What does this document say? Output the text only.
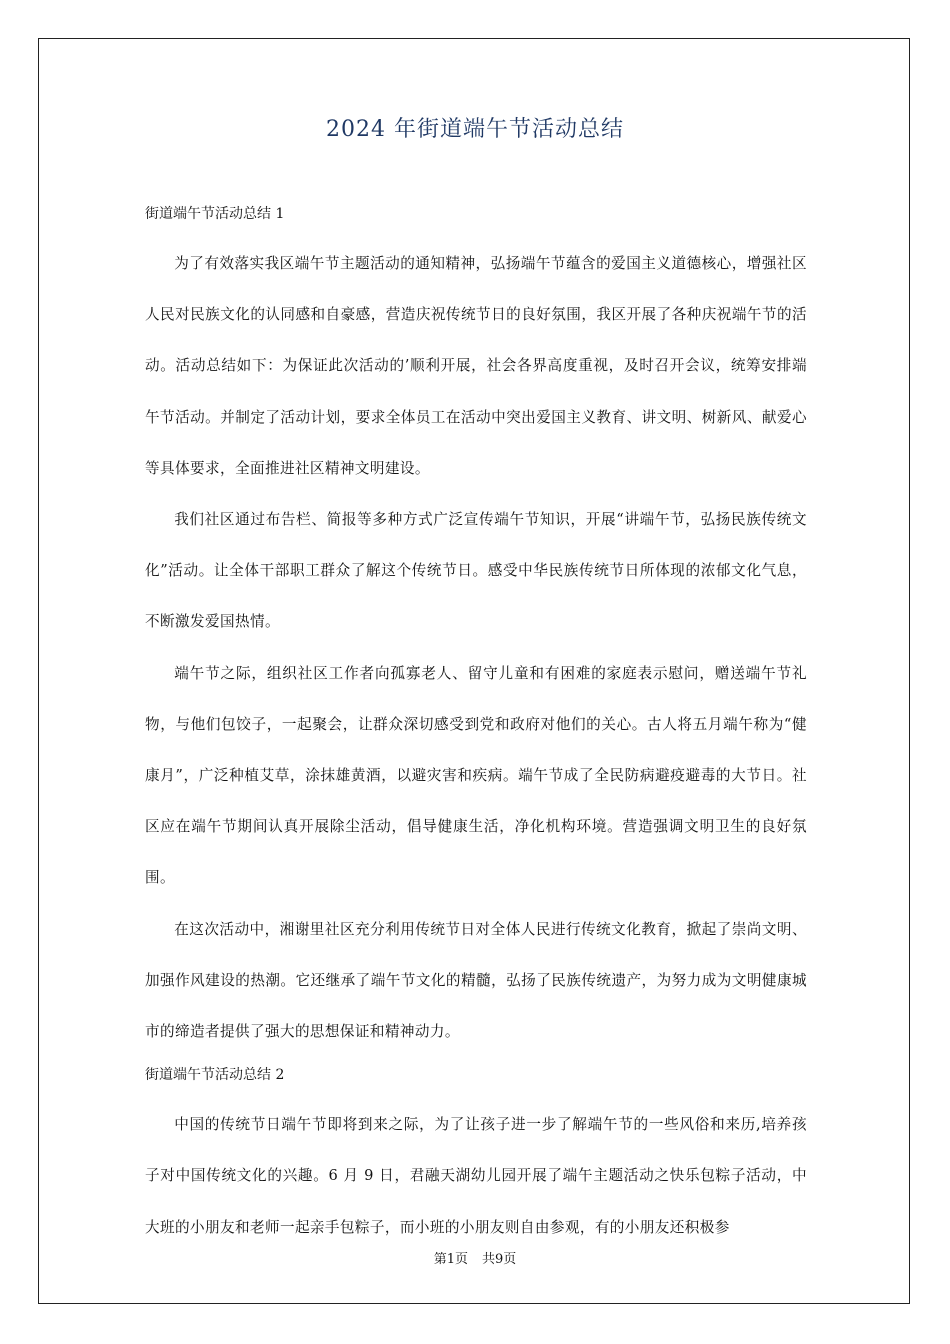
2024 年街道端午节活动总结
街道端午节活动总结 1

为了有效落实我区端午节主题活动的通知精神，弘扬端午节蕴含的爱国主义道德核心，增强社区人民对民族文化的认同感和自豪感，营造庆祝传统节日的良好氛围，我区开展了各种庆祝端午节的活动。活动总结如下：为保证此次活动的’顺利开展，社会各界高度重视，及时召开会议，统筹安排端午节活动。并制定了活动计划，要求全体员工在活动中突出爱国主义教育、讲文明、树新风、献爱心等具体要求，全面推进社区精神文明建设。

我们社区通过布告栏、简报等多种方式广泛宣传端午节知识，开展“讲端午节，弘扬民族传统文化”活动。让全体干部职工群众了解这个传统节日。感受中华民族传统节日所体现的浓郁文化气息，不断激发爱国热情。

端午节之际，组织社区工作者向孤寡老人、留守儿童和有困难的家庭表示慰问，赠送端午节礼物，与他们包饺子，一起聚会，让群众深切感受到党和政府对他们的关心。古人将五月端午称为“健康月”，广泛种植艾草，涂抹雄黄酒，以避灾害和疾病。端午节成了全民防病避疫避毒的大节日。社区应在端午节期间认真开展除尘活动，倡导健康生活，净化机构环境。营造强调文明卫生的良好氛围。

在这次活动中，湘谢里社区充分利用传统节日对全体人民进行传统文化教育，掀起了崇尚文明、加强作风建设的热潮。它还继承了端午节文化的精髓，弘扬了民族传统遗产，为努力成为文明健康城市的缔造者提供了强大的思想保证和精神动力。

街道端午节活动总结 2

中国的传统节日端午节即将到来之际，为了让孩子进一步了解端午节的一些风俗和来历,培养孩子对中国传统文化的兴趣。6 月 9 日，君融天湖幼儿园开展了端午主题活动之快乐包粽子活动，中大班的小朋友和老师一起亲手包粽子，而小班的小朋友则自由参观，有的小朋友还积极参

第1页 共9页
